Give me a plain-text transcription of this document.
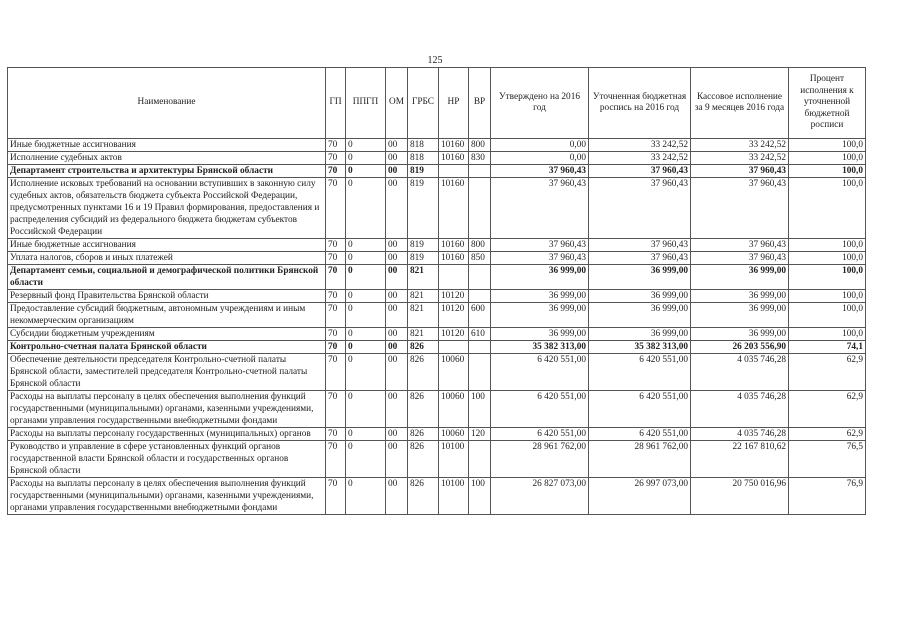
125
Наименование	ГП	ППГП	ОМ	ГРБС	НР	ВР	Утверждено на 2016 год	Уточненная бюджетная роспись на 2016 год	Кассовое исполнение за 9 месяцев 2016 года	Процент исполнения к уточненной бюджетной росписи
Иные бюджетные ассигнования	70	0	00	818	10160	800	0,00	33 242,52	33 242,52	100,0
Исполнение судебных актов	70	0	00	818	10160	830	0,00	33 242,52	33 242,52	100,0
Департамент строительства и архитектуры Брянской области	70	0	00	819			37 960,43	37 960,43	37 960,43	100,0
Исполнение исковых требований на основании вступивших в законную силу судебных актов, обязательств бюджета субъекта Российской Федерации, предусмотренных пунктами 16 и 19 Правил формирования, предоставления и распределения субсидий из федерального бюджета бюджетам субъектов Российской Федерации	70	0	00	819	10160		37 960,43	37 960,43	37 960,43	100,0
Иные бюджетные ассигнования	70	0	00	819	10160	800	37 960,43	37 960,43	37 960,43	100,0
Уплата налогов, сборов и иных платежей	70	0	00	819	10160	850	37 960,43	37 960,43	37 960,43	100,0
Департамент семьи, социальной и демографической политики Брянской области	70	0	00	821			36 999,00	36 999,00	36 999,00	100,0
Резервный фонд Правительства Брянской области	70	0	00	821	10120		36 999,00	36 999,00	36 999,00	100,0
Предоставление субсидий бюджетным, автономным учреждениям и иным некоммерческим организациям	70	0	00	821	10120	600	36 999,00	36 999,00	36 999,00	100,0
Субсидии бюджетным учреждениям	70	0	00	821	10120	610	36 999,00	36 999,00	36 999,00	100,0
Контрольно-счетная палата Брянской области	70	0	00	826			35 382 313,00	35 382 313,00	26 203 556,90	74,1
Обеспечение деятельности председателя Контрольно-счетной палаты Брянской области, заместителей председателя Контрольно-счетной палаты Брянской области	70	0	00	826	10060		6 420 551,00	6 420 551,00	4 035 746,28	62,9
Расходы на выплаты персоналу в целях обеспечения выполнения функций государственными (муниципальными) органами, казенными учреждениями, органами управления государственными внебюджетными фондами	70	0	00	826	10060	100	6 420 551,00	6 420 551,00	4 035 746,28	62,9
Расходы на выплаты персоналу государственных (муниципальных) органов	70	0	00	826	10060	120	6 420 551,00	6 420 551,00	4 035 746,28	62,9
Руководство и управление в сфере установленных функций органов государственной власти Брянской области и государственных органов Брянской области	70	0	00	826	10100		28 961 762,00	28 961 762,00	22 167 810,62	76,5
Расходы на выплаты персоналу в целях обеспечения выполнения функций государственными (муниципальными) органами, казенными учреждениями, органами управления государственными внебюджетными фондами	70	0	00	826	10100	100	26 827 073,00	26 997 073,00	20 750 016,96	76,9
